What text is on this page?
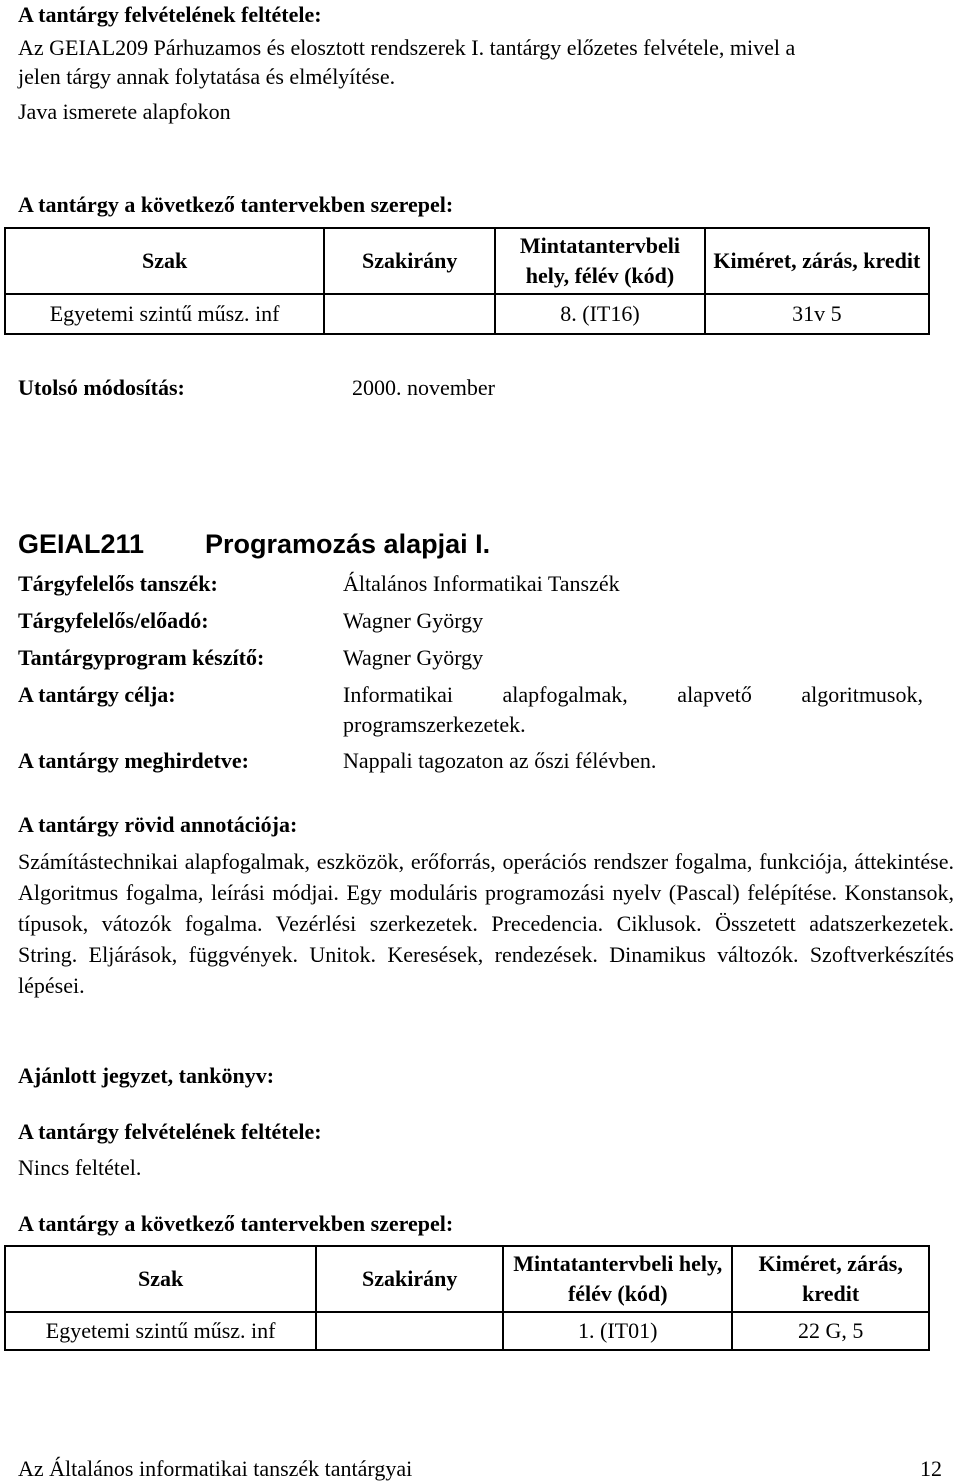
A tantárgy felvételének feltétele:
Az GEIAL209 Párhuzamos és elosztott rendszerek I. tantárgy előzetes felvétele, mivel a
jelen tárgy annak folytatása és elmélyítése.
Java ismerete alapfokon
A tantárgy a következő tantervekben szerepel:
Szak	Szakirány	Mintatantervbeli hely, félév (kód)	Kiméret, zárás, kredit
Egyetemi szintű műsz. inf		8. (IT16)	31v 5
Utolsó módosítás:	2000. november
GEIAL211 Programozás alapjai I.
Tárgyfelelős tanszék:	Általános Informatikai Tanszék
Tárgyfelelős/előadó:	Wagner György
Tantárgyprogram készítő:	Wagner György
A tantárgy célja:	Informatikai alapfogalmak, alapvető algoritmusok, programszerkezetek.
A tantárgy meghirdetve:	Nappali tagozaton az őszi félévben.
A tantárgy rövid annotációja:
Számítástechnikai alapfogalmak, eszközök, erőforrás, operációs rendszer fogalma, funkciója, áttekintése. Algoritmus fogalma, leírási módjai. Egy moduláris programozási nyelv (Pascal) felépítése. Konstansok, típusok, vátozók fogalma. Vezérlési szerkezetek. Precedencia. Ciklusok. Összetett adatszerkezetek. String. Eljárások, függvények. Unitok. Keresések, rendezések. Dinamikus változók. Szoftverkészítés lépései.
Ajánlott jegyzet, tankönyv:
A tantárgy felvételének feltétele:
Nincs feltétel.
A tantárgy a következő tantervekben szerepel:
Szak	Szakirány	Mintatantervbeli hely, félév (kód)	Kiméret, zárás, kredit
Egyetemi szintű műsz. inf		1. (IT01)	22 G, 5
Az Általános informatikai tanszék tantárgyai	12
